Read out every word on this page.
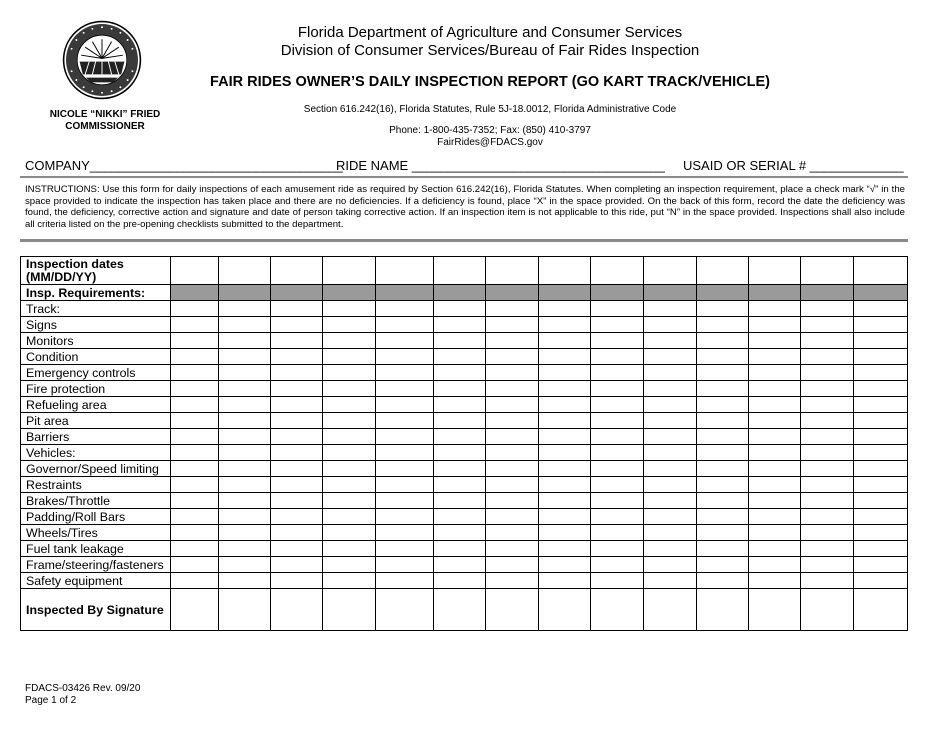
NICOLE “NIKKI” FRIED
COMMISSIONER
Florida Department of Agriculture and Consumer Services
Division of Consumer Services/Bureau of Fair Rides Inspection
FAIR RIDES OWNER’S DAILY INSPECTION REPORT (GO KART TRACK/VEHICLE)
Section 616.242(16), Florida Statutes, Rule 5J-18.0012, Florida Administrative Code
Phone: 1-800-435-7352; Fax: (850) 410-3797
FairRides@FDACS.gov
COMPANY___________________________________
RIDE NAME ___________________________________ USAID OR SERIAL # _____________
INSTRUCTIONS: Use this form for daily inspections of each amusement ride as required by Section 616.242(16), Florida Statutes. When completing an inspection requirement, place a check mark “√” in the space provided to indicate the inspection has taken place and there are no deficiencies. If a deficiency is found, place “X” in the space provided. On the back of this form, record the date the deficiency was found, the deficiency, corrective action and signature and date of person taking corrective action. If an inspection item is not applicable to this ride, put “N” in the space provided. Inspections shall also include all criteria listed on the pre-opening checklists submitted to the department.
Inspection dates (MM/DD/YY)														
Insp. Requirements:														
Track:														
Signs														
Monitors														
Condition														
Emergency controls														
Fire protection														
Refueling area														
Pit area														
Barriers														
Vehicles:														
Governor/Speed limiting														
Restraints														
Brakes/Throttle														
Padding/Roll Bars														
Wheels/Tires														
Fuel tank leakage														
Frame/steering/fasteners														
Safety equipment														
Inspected By Signature														
FDACS-03426 Rev. 09/20
Page 1 of 2
